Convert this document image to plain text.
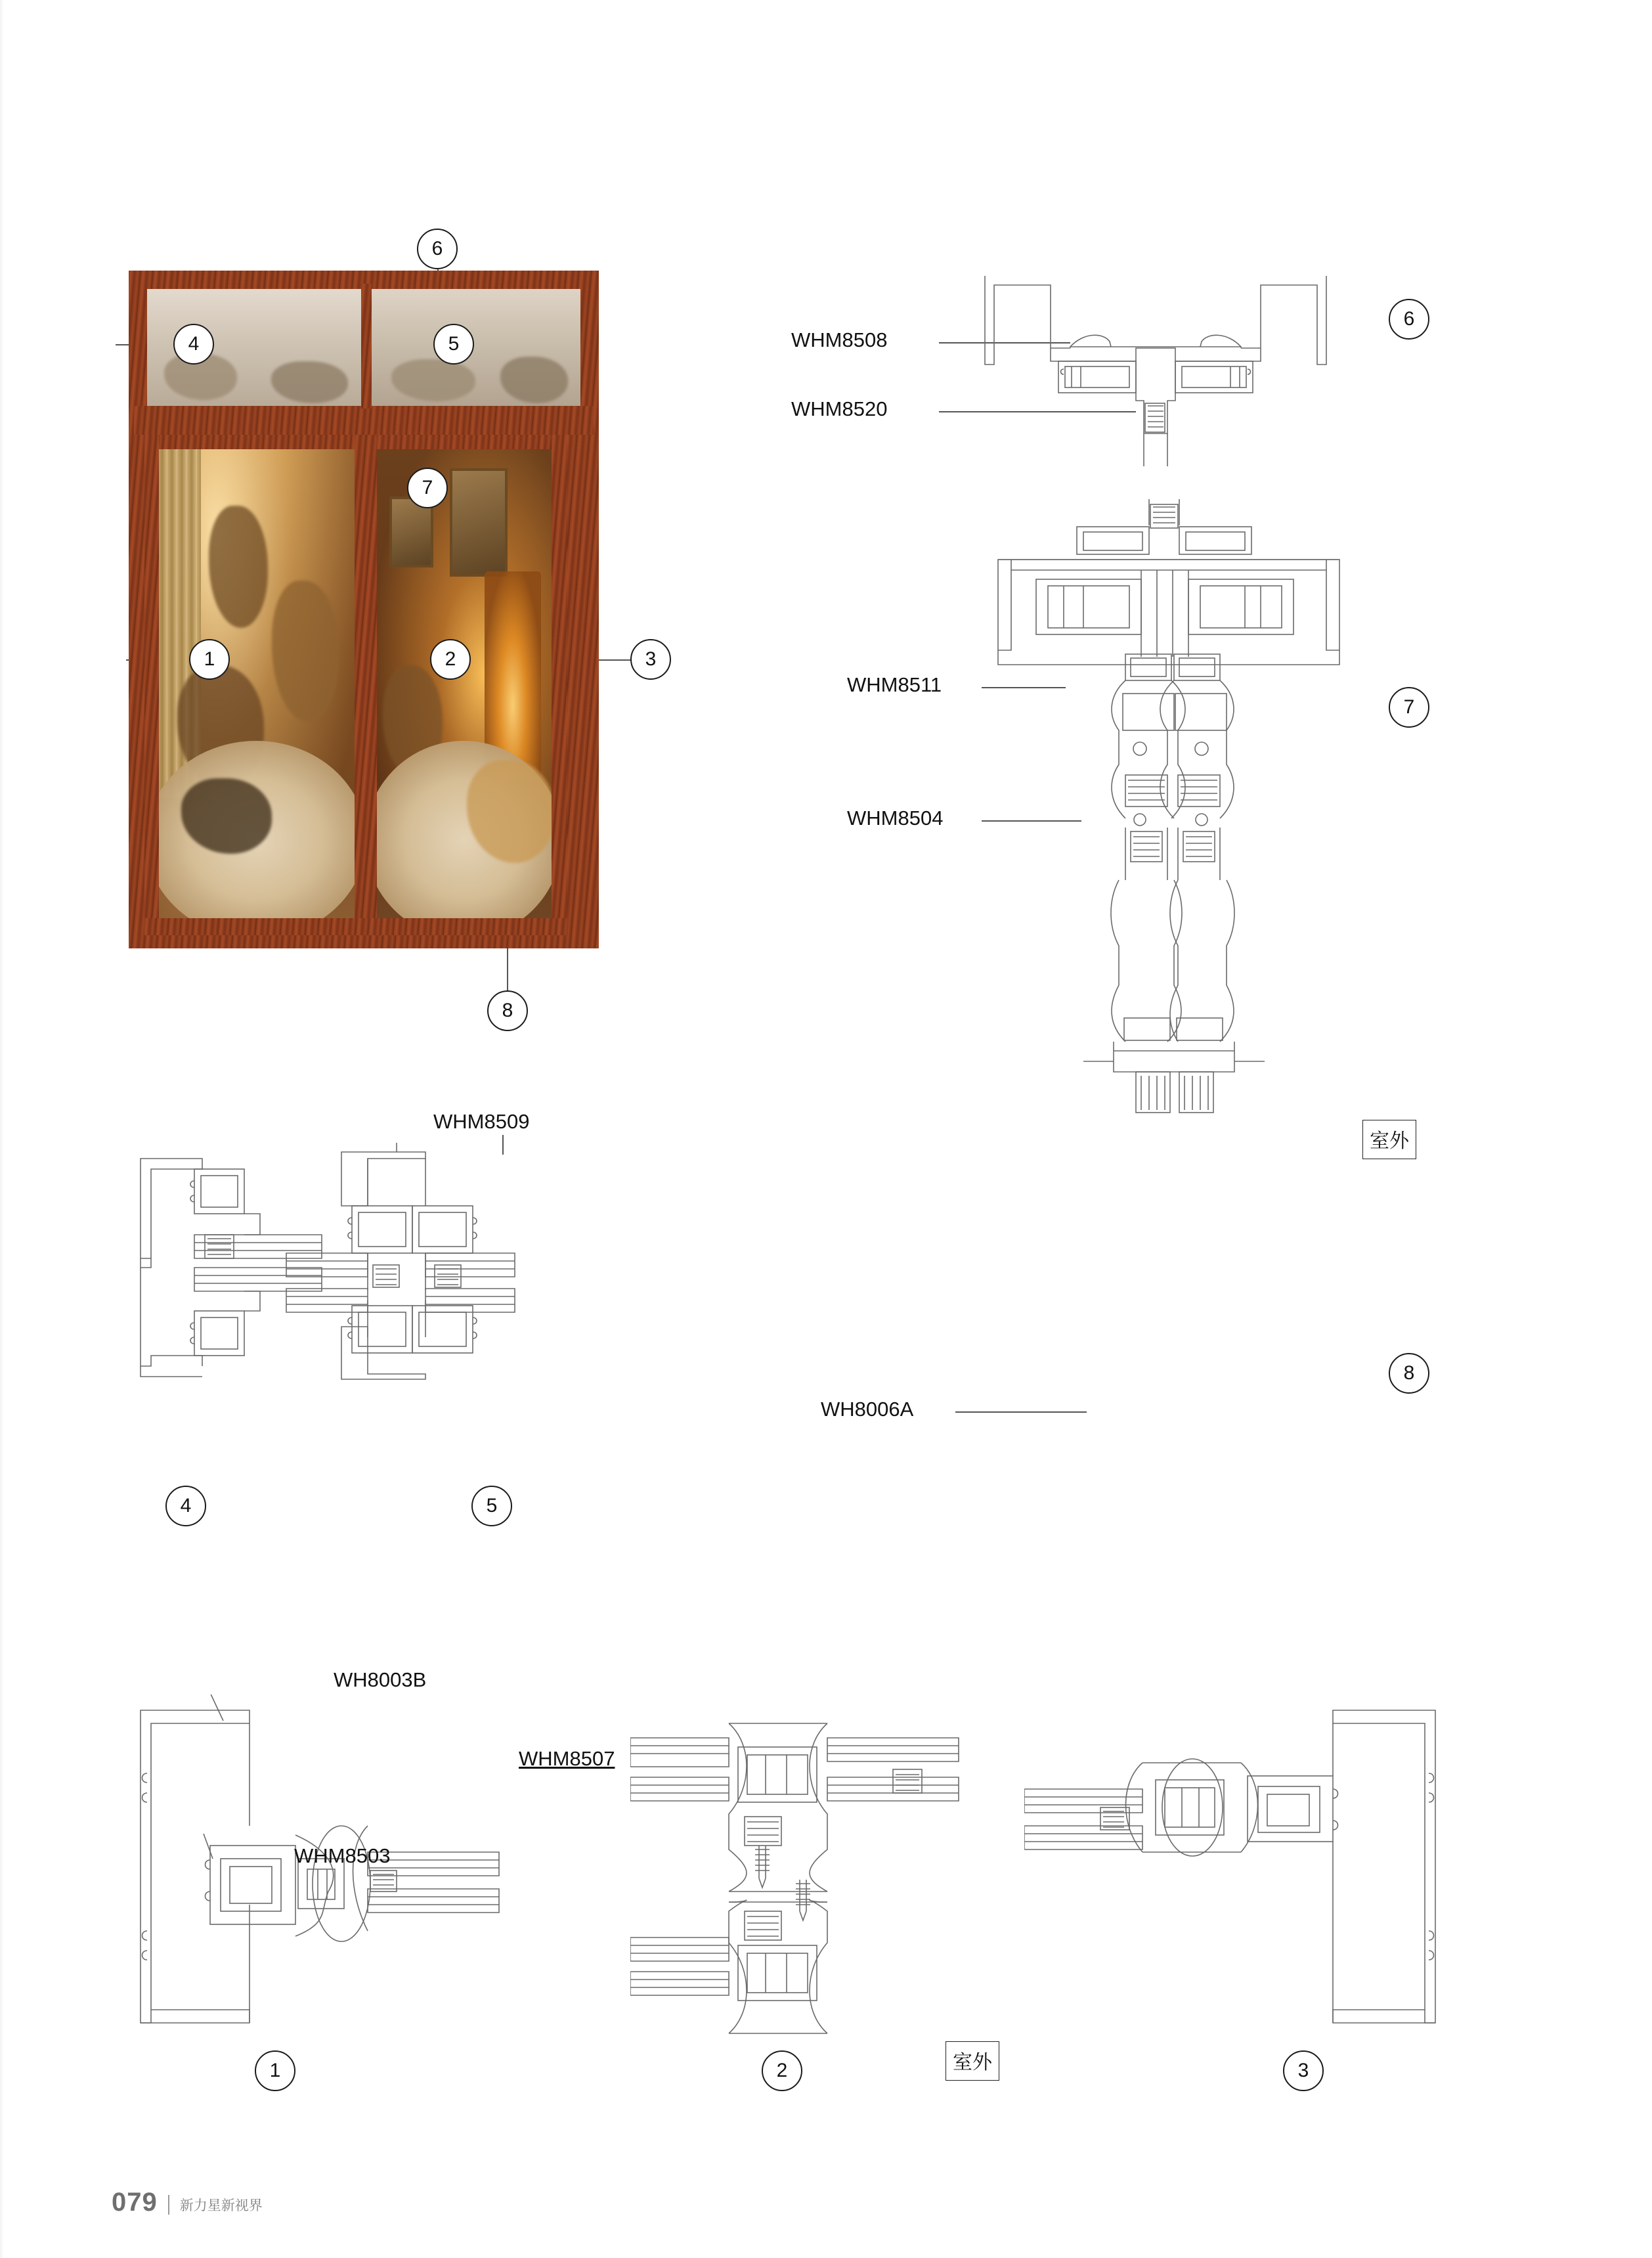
4	5
6
7
1	2	3
8
WHM8508
WHM8520
6
WHM8511
WHM8504
7
室外
WH8006A
8
WHM8509
4	5
WH8003B
WHM8503
1
WHM8507
2	室外	3
079 新力星新视界
